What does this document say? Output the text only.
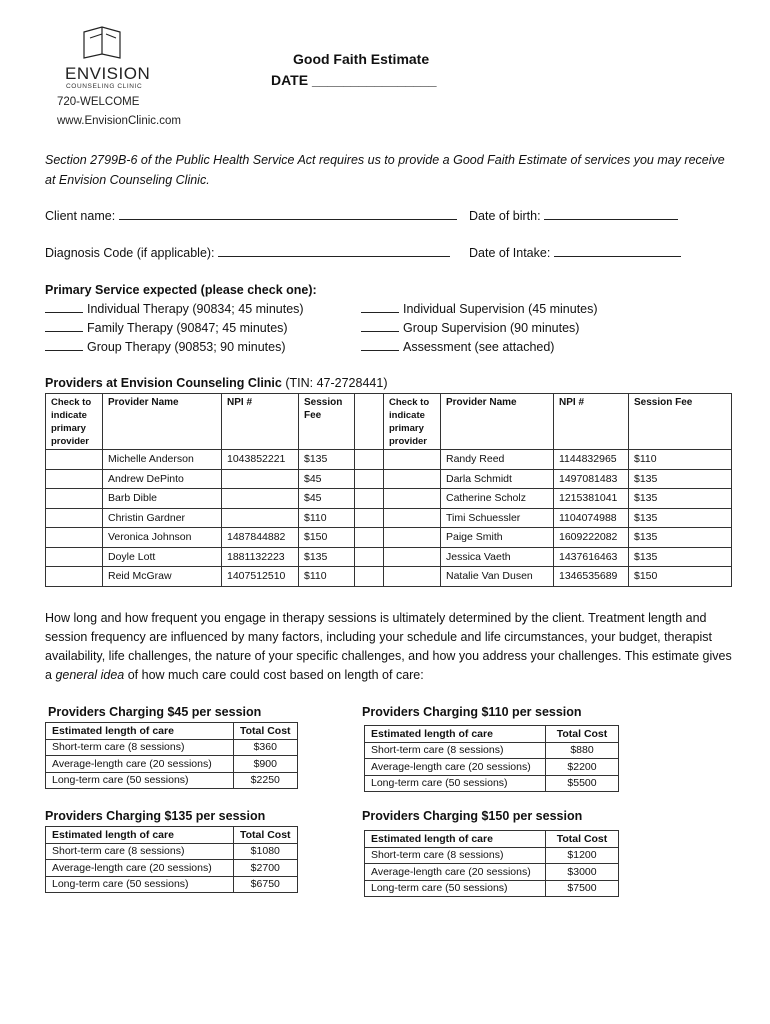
ENVISION
COUNSELING CLINIC
720-WELCOME
www.EnvisionClinic.com
Good Faith Estimate
DATE ________________
Section 2799B-6 of the Public Health Service Act requires us to provide a Good Faith Estimate of services you may receive at Envision Counseling Clinic.
Client name:	Date of birth:
Diagnosis Code (if applicable):	Date of Intake:
Primary Service expected (please check one):
Individual Therapy (90834; 45 minutes)
Family Therapy (90847; 45 minutes)
Group Therapy (90853; 90 minutes)
Individual Supervision (45 minutes)
Group Supervision (90 minutes)
Assessment (see attached)
Providers at Envision Counseling Clinic (TIN: 47-2728441)
Check to indicate primary provider	Provider Name	NPI #	Session Fee		Check to indicate primary provider	Provider Name	NPI #	Session Fee
	Michelle Anderson	1043852221	$135			Randy Reed	1144832965	$110
	Andrew DePinto		$45			Darla Schmidt	1497081483	$135
	Barb Dible		$45			Catherine Scholz	1215381041	$135
	Christin Gardner		$110			Timi Schuessler	1104074988	$135
	Veronica Johnson	1487844882	$150			Paige Smith	1609222082	$135
	Doyle Lott	1881132223	$135			Jessica Vaeth	1437616463	$135
	Reid McGraw	1407512510	$110			Natalie Van Dusen	1346535689	$150
How long and how frequent you engage in therapy sessions is ultimately determined by the client. Treatment length and session frequency are influenced by many factors, including your schedule and life circumstances, your budget, therapist availability, life challenges, the nature of your specific challenges, and how you address your challenges. This estimate gives a general idea of how much care could cost based on length of care:
Providers Charging $45 per session
Estimated length of care	Total Cost
Short-term care (8 sessions)	$360
Average-length care (20 sessions)	$900
Long-term care (50 sessions)	$2250
Providers Charging $110 per session
Estimated length of care	Total Cost
Short-term care (8 sessions)	$880
Average-length care (20 sessions)	$2200
Long-term care (50 sessions)	$5500
Providers Charging $135 per session
Estimated length of care	Total Cost
Short-term care (8 sessions)	$1080
Average-length care (20 sessions)	$2700
Long-term care (50 sessions)	$6750
Providers Charging $150 per session
Estimated length of care	Total Cost
Short-term care (8 sessions)	$1200
Average-length care (20 sessions)	$3000
Long-term care (50 sessions)	$7500
